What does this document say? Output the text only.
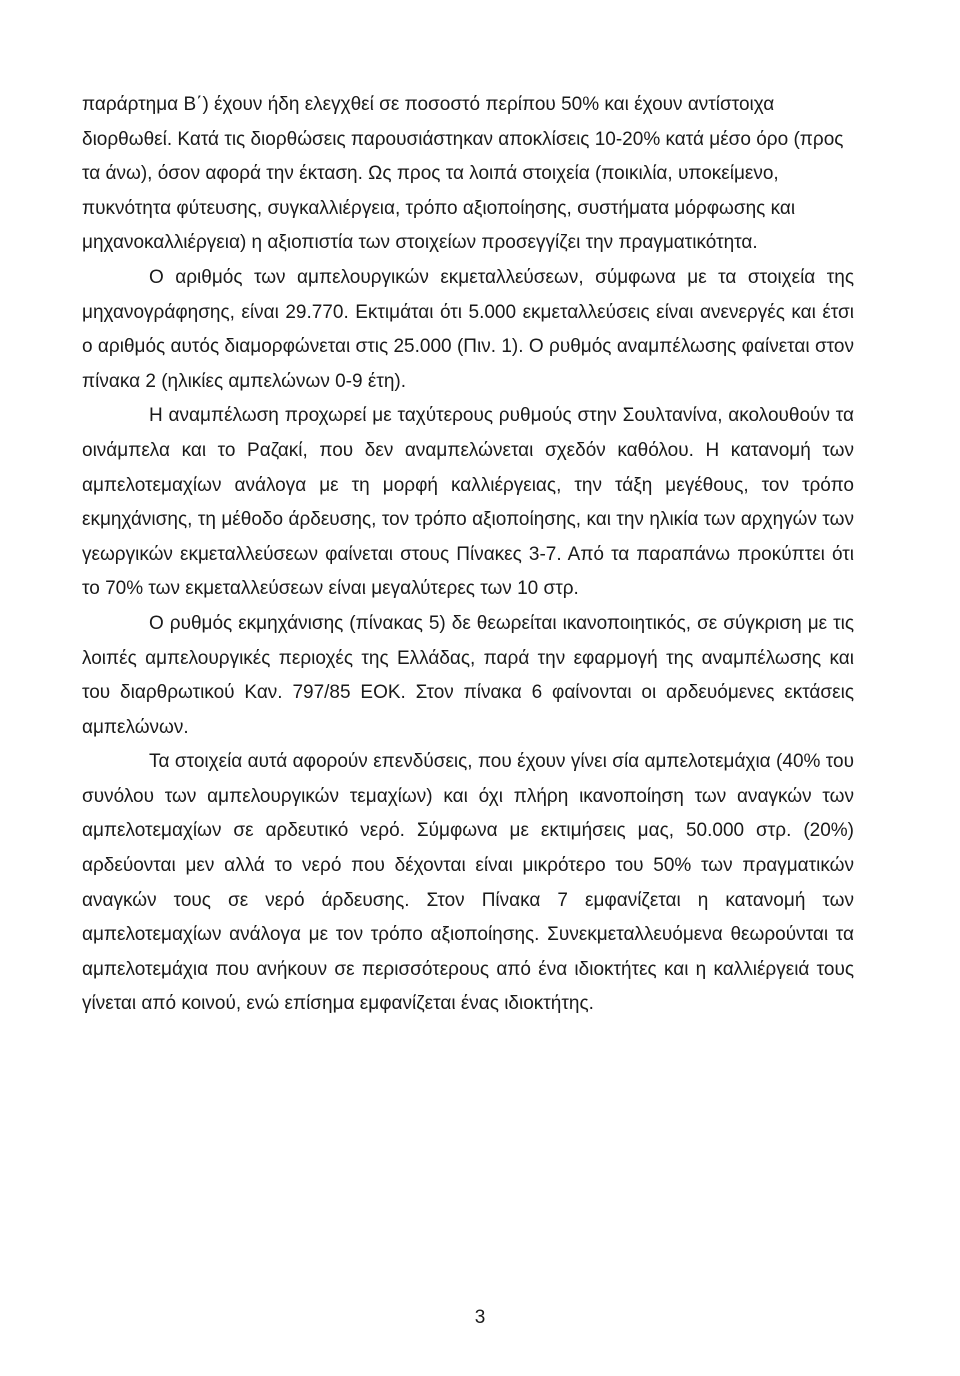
παράρτημα Β΄) έχουν ήδη ελεγχθεί σε ποσοστό περίπου 50% και έχουν αντίστοιχα διορθωθεί. Κατά τις διορθώσεις παρουσιάστηκαν αποκλίσεις 10-20% κατά μέσο όρο (προς τα άνω), όσον αφορά την έκταση. Ως προς τα λοιπά στοιχεία (ποικιλία, υποκείμενο, πυκνότητα φύτευσης, συγκαλλιέργεια, τρόπο αξιοποίησης, συστήματα μόρφωσης και μηχανοκαλλιέργεια) η αξιοπιστία των στοιχείων προσεγγίζει την πραγματικότητα.

Ο αριθμός των αμπελουργικών εκμεταλλεύσεων, σύμφωνα με τα στοιχεία της μηχανογράφησης, είναι 29.770. Εκτιμάται ότι 5.000 εκμεταλλεύσεις είναι ανενεργές και έτσι ο αριθμός αυτός διαμορφώνεται στις 25.000 (Πιν. 1). Ο ρυθμός αναμπέλωσης φαίνεται στον πίνακα 2 (ηλικίες αμπελώνων 0-9 έτη).

Η αναμπέλωση προχωρεί με ταχύτερους ρυθμούς στην Σουλτανίνα, ακολουθούν τα οινάμπελα και το Ραζακί, που δεν αναμπελώνεται σχεδόν καθόλου. Η κατανομή των αμπελοτεμαχίων ανάλογα με τη μορφή καλλιέργειας, την τάξη μεγέθους, τον τρόπο εκμηχάνισης, τη μέθοδο άρδευσης, τον τρόπο αξιοποίησης, και την ηλικία των αρχηγών των γεωργικών εκμεταλλεύσεων φαίνεται στους Πίνακες 3-7. Από τα παραπάνω προκύπτει ότι το 70% των εκμεταλλεύσεων είναι μεγαλύτερες των 10 στρ.

Ο ρυθμός εκμηχάνισης (πίνακας 5) δε θεωρείται ικανοποιητικός, σε σύγκριση με τις λοιπές αμπελουργικές περιοχές της Ελλάδας, παρά την εφαρμογή της αναμπέλωσης και του διαρθρωτικού Καν. 797/85 ΕΟΚ. Στον πίνακα 6 φαίνονται οι αρδευόμενες εκτάσεις αμπελώνων.

Τα στοιχεία αυτά αφορούν επενδύσεις, που έχουν γίνει σία αμπελοτεμάχια (40% του συνόλου των αμπελουργικών τεμαχίων) και όχι πλήρη ικανοποίηση των αναγκών των αμπελοτεμαχίων σε αρδευτικό νερό. Σύμφωνα με εκτιμήσεις μας, 50.000 στρ. (20%) αρδεύονται μεν αλλά το νερό που δέχονται είναι μικρότερο του 50% των πραγματικών αναγκών τους σε νερό άρδευσης. Στον Πίνακα 7 εμφανίζεται η κατανομή των αμπελοτεμαχίων ανάλογα με τον τρόπο αξιοποίησης. Συνεκμεταλλευόμενα θεωρούνται τα αμπελοτεμάχια που ανήκουν σε περισσότερους από ένα ιδιοκτήτες και η καλλιέργειά τους γίνεται από κοινού, ενώ επίσημα εμφανίζεται ένας ιδιοκτήτης.

3
